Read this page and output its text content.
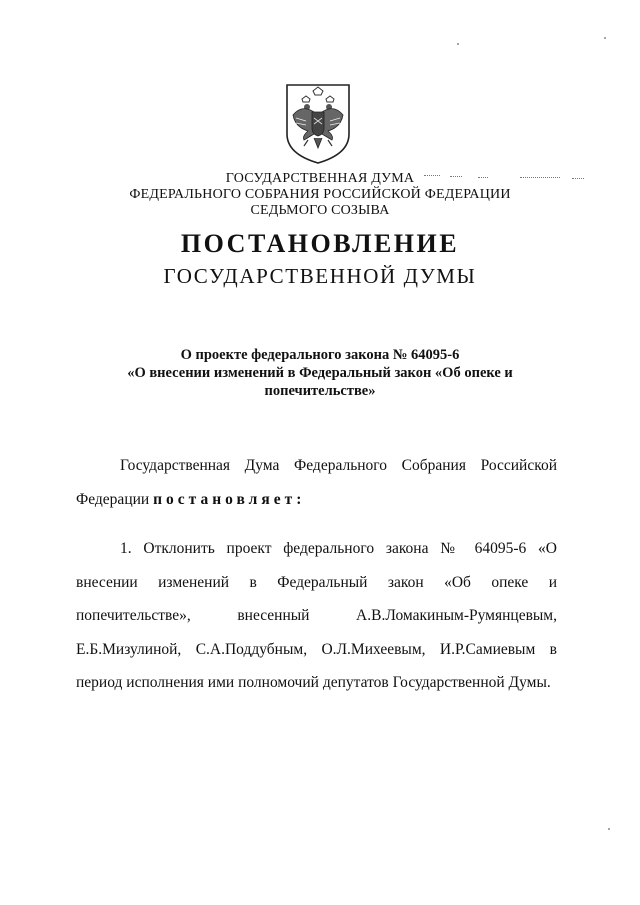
ГОСУДАРСТВЕННАЯ ДУМА
ФЕДЕРАЛЬНОГО СОБРАНИЯ РОССИЙСКОЙ ФЕДЕРАЦИИ
СЕДЬМОГО СОЗЫВА
ПОСТАНОВЛЕНИЕ
ГОСУДАРСТВЕННОЙ ДУМЫ
О проекте федерального закона № 64095-6
«О внесении изменений в Федеральный закон «Об опеке и
попечительстве»
Государственная Дума Федерального Собрания Российской Федерации постановляет:
1. Отклонить проект федерального закона № 64095-6 «О внесении изменений в Федеральный закон «Об опеке и попечительстве», внесенный А.В.Ломакиным-Румянцевым, Е.Б.Мизулиной, С.А.Поддубным, О.Л.Михеевым, И.Р.Самиевым в период исполнения ими полномочий депутатов Государственной Думы.
